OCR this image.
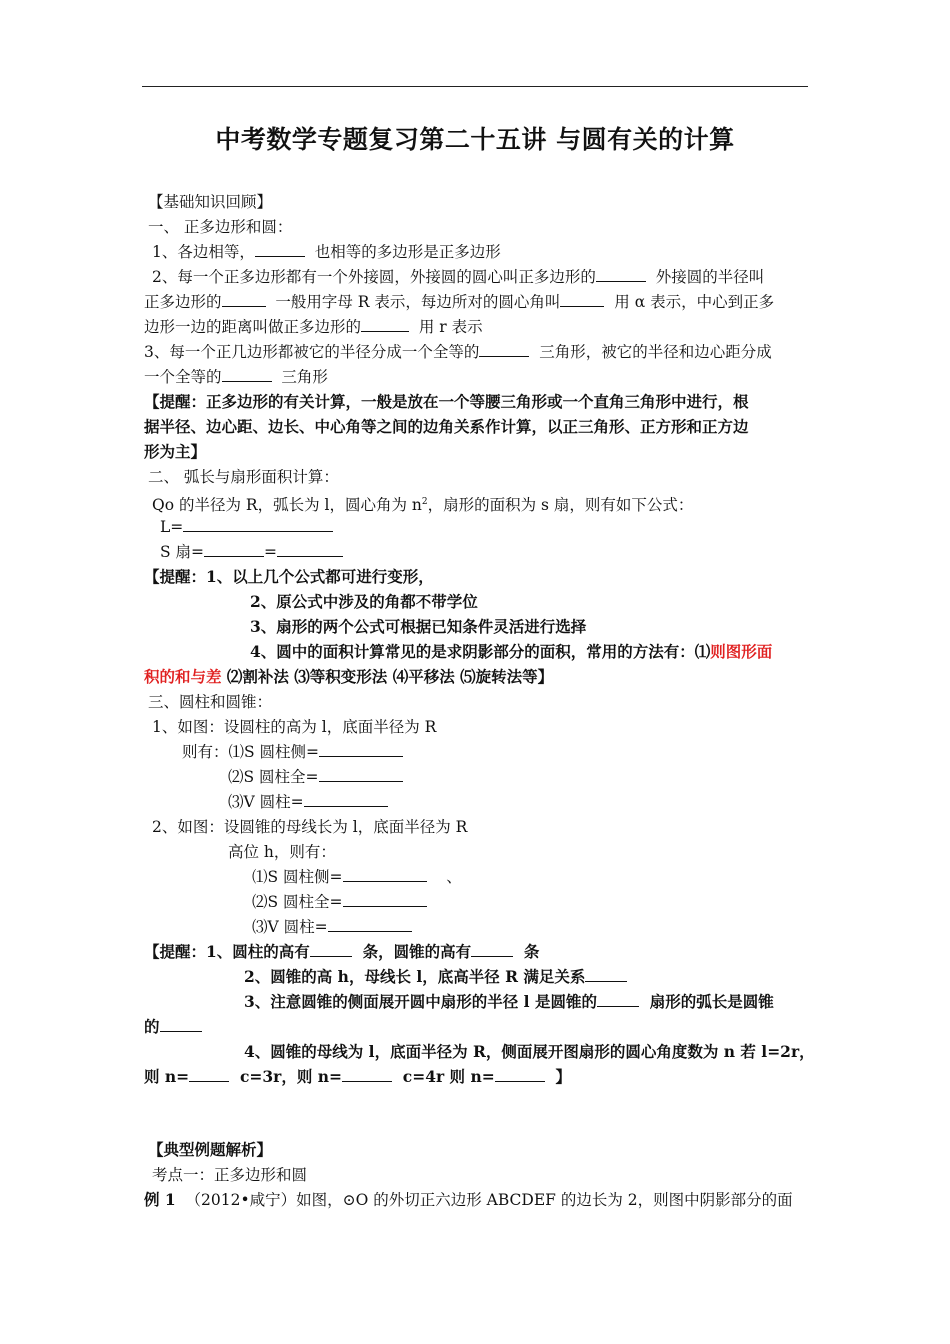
中考数学专题复习第二十五讲 与圆有关的计算
【基础知识回顾】
一、 正多边形和圆：
1、各边相等，	也相等的多边形是正多边形
2、每一个正多边形都有一个外接圆，外接圆的圆心叫正多边形的	外接圆的半径叫
正多边形的	一般用字母 R 表示，每边所对的圆心角叫	用 α 表示，中心到正多
边形一边的距离叫做正多边形的	用 r 表示
3、每一个正几边形都被它的半径分成一个全等的	三角形，被它的半径和边心距分成
一个全等的	三角形
【提醒：正多边形的有关计算，一般是放在一个等腰三角形或一个直角三角形中进行，根
据半径、边心距、边长、中心角等之间的边角关系作计算，以正三角形、正方形和正方边
形为主】
二、 弧长与扇形面积计算：
Qo 的半径为 R，弧长为 l，圆心角为 $n^2$，扇形的面积为 s 扇，则有如下公式：
L=
S 扇=	=
【提醒：1、以上几个公式都可进行变形，
2、原公式中涉及的角都不带学位
3、扇形的两个公式可根据已知条件灵活进行选择
4、圆中的面积计算常见的是求阴影部分的面积，常用的方法有：⑴则图形面
积的和与差 ⑵割补法 ⑶等积变形法 ⑷平移法 ⑸旋转法等】
三、圆柱和圆锥：
1、如图：设圆柱的高为 l，底面半径为 R
则有：⑴S 圆柱侧=
⑵S 圆柱全=
⑶V 圆柱=
2、如图：设圆锥的母线长为 l，底面半径为 R
高位 h，则有：
⑴S 圆柱侧=	、
⑵S 圆柱全=
⑶V 圆柱=
【提醒：1、圆柱的高有	条，圆锥的高有	条
2、圆锥的高 h，母线长 l，底高半径 R 满足关系
3、注意圆锥的侧面展开圆中扇形的半径 l 是圆锥的	扇形的弧长是圆锥
的
4、圆锥的母线为 l，底面半径为 R，侧面展开图扇形的圆心角度数为 n 若 l=2r，
则 n=	c=3r，则 n=	c=4r 则 n=	】
【典型例题解析】
考点一：正多边形和圆
例 1 （2012•咸宁）如图，⊙O 的外切正六边形 ABCDEF 的边长为 2，则图中阴影部分的面
